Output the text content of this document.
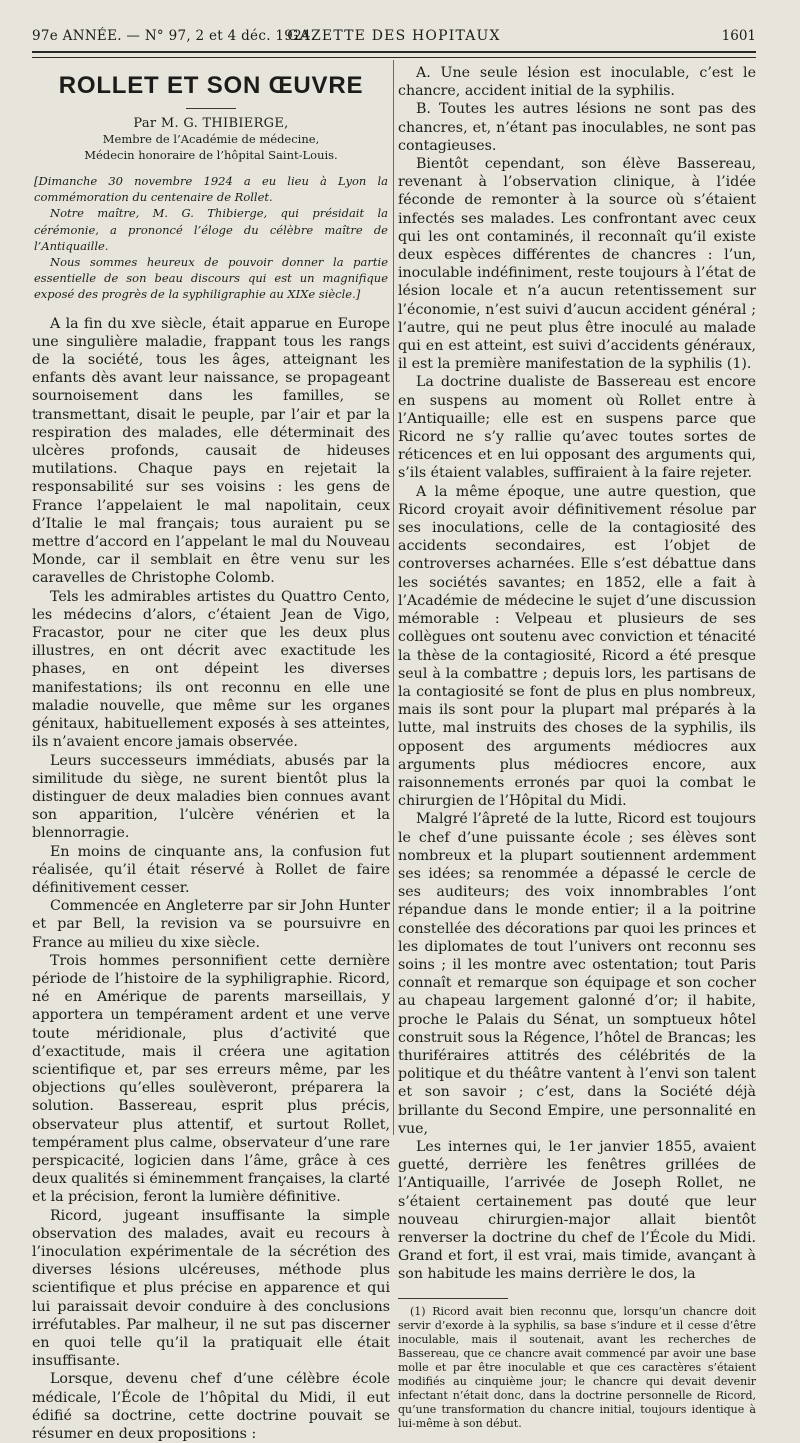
97e ANNÉE. — N° 97, 2 et 4 déc. 1924.
GAZETTE DES HOPITAUX	1601
ROLLET ET SON ŒUVRE
Par M. G. THIBIERGE,
Membre de l’Académie de médecine,
Médecin honoraire de l’hôpital Saint-Louis.

[Dimanche 30 novembre 1924 a eu lieu à Lyon la commémoration du centenaire de Rollet.

Notre maître, M. G. Thibierge, qui présidait la cérémonie, a prononcé l’éloge du célèbre maître de l’Antiquaille.

Nous sommes heureux de pouvoir donner la partie essentielle de son beau discours qui est un magnifique exposé des progrès de la syphiligraphie au XIXe siècle.]

A la fin du xve siècle, était apparue en Europe une singulière maladie, frappant tous les rangs de la société, tous les âges, atteignant les enfants dès avant leur naissance, se propageant sournoisement dans les familles, se transmettant, disait le peuple, par l’air et par la respiration des malades, elle déterminait des ulcères profonds, causait de hideuses mutilations. Chaque pays en rejetait la responsabilité sur ses voisins : les gens de France l’appelaient le mal napolitain, ceux d’Italie le mal français; tous auraient pu se mettre d’accord en l’appelant le mal du Nouveau Monde, car il semblait en être venu sur les caravelles de Christophe Colomb.

Tels les admirables artistes du Quattro Cento, les médecins d’alors, c’étaient Jean de Vigo, Fracastor, pour ne citer que les deux plus illustres, en ont décrit avec exactitude les phases, en ont dépeint les diverses manifestations; ils ont reconnu en elle une maladie nouvelle, que même sur les organes génitaux, habituellement exposés à ses atteintes, ils n’avaient encore jamais observée.

Leurs successeurs immédiats, abusés par la similitude du siège, ne surent bientôt plus la distinguer de deux maladies bien connues avant son apparition, l’ulcère vénérien et la blennorragie.

En moins de cinquante ans, la confusion fut réalisée, qu’il était réservé à Rollet de faire définitivement cesser.

Commencée en Angleterre par sir John Hunter et par Bell, la revision va se poursuivre en France au milieu du xixe siècle.

Trois hommes personnifient cette dernière période de l’histoire de la syphiligraphie. Ricord, né en Amérique de parents marseillais, y apportera un tempérament ardent et une verve toute méridionale, plus d’activité que d’exactitude, mais il créera une agitation scientifique et, par ses erreurs même, par les objections qu’elles soulèveront, préparera la solution. Bassereau, esprit plus précis, observateur plus attentif, et surtout Rollet, tempérament plus calme, observateur d’une rare perspicacité, logicien dans l’âme, grâce à ces deux qualités si éminemment françaises, la clarté et la précision, feront la lumière définitive.

Ricord, jugeant insuffisante la simple observation des malades, avait eu recours à l’inoculation expérimentale de la sécrétion des diverses lésions ulcéreuses, méthode plus scientifique et plus précise en apparence et qui lui paraissait devoir conduire à des conclusions irréfutables. Par malheur, il ne sut pas discerner en quoi telle qu’il la pratiquait elle était insuffisante.

Lorsque, devenu chef d’une célèbre école médicale, l’École de l’hôpital du Midi, il eut édifié sa doctrine, cette doctrine pouvait se résumer en deux propositions :

A. Une seule lésion est inoculable, c’est le chancre, accident initial de la syphilis.

B. Toutes les autres lésions ne sont pas des chancres, et, n’étant pas inoculables, ne sont pas contagieuses.

Bientôt cependant, son élève Bassereau, revenant à l’observation clinique, à l’idée féconde de remonter à la source où s’étaient infectés ses malades. Les confrontant avec ceux qui les ont contaminés, il reconnaît qu’il existe deux espèces différentes de chancres : l’un, inoculable indéfiniment, reste toujours à l’état de lésion locale et n’a aucun retentissement sur l’économie, n’est suivi d’aucun accident général ; l’autre, qui ne peut plus être inoculé au malade qui en est atteint, est suivi d’accidents généraux, il est la première manifestation de la syphilis (1).

La doctrine dualiste de Bassereau est encore en suspens au moment où Rollet entre à l’Antiquaille; elle est en suspens parce que Ricord ne s’y rallie qu’avec toutes sortes de réticences et en lui opposant des arguments qui, s’ils étaient valables, suffiraient à la faire rejeter.

A la même époque, une autre question, que Ricord croyait avoir définitivement résolue par ses inoculations, celle de la contagiosité des accidents secondaires, est l’objet de controverses acharnées. Elle s’est débattue dans les sociétés savantes; en 1852, elle a fait à l’Académie de médecine le sujet d’une discussion mémorable : Velpeau et plusieurs de ses collègues ont soutenu avec conviction et ténacité la thèse de la contagiosité, Ricord a été presque seul à la combattre ; depuis lors, les partisans de la contagiosité se font de plus en plus nombreux, mais ils sont pour la plupart mal préparés à la lutte, mal instruits des choses de la syphilis, ils opposent des arguments médiocres aux arguments plus médiocres encore, aux raisonnements erronés par quoi la combat le chirurgien de l’Hôpital du Midi.

Malgré l’âpreté de la lutte, Ricord est toujours le chef d’une puissante école ; ses élèves sont nombreux et la plupart soutiennent ardemment ses idées; sa renommée a dépassé le cercle de ses auditeurs; des voix innombrables l’ont répandue dans le monde entier; il a la poitrine constellée des décorations par quoi les princes et les diplomates de tout l’univers ont reconnu ses soins ; il les montre avec ostentation; tout Paris connaît et remarque son équipage et son cocher au chapeau largement galonné d’or; il habite, proche le Palais du Sénat, un somptueux hôtel construit sous la Régence, l’hôtel de Brancas; les thuriféraires attitrés des célébrités de la politique et du théâtre vantent à l’envi son talent et son savoir ; c’est, dans la Société déjà brillante du Second Empire, une personnalité en vue,

Les internes qui, le 1er janvier 1855, avaient guetté, derrière les fenêtres grillées de l’Antiquaille, l’arrivée de Joseph Rollet, ne s’étaient certainement pas douté que leur nouveau chirurgien-major allait bientôt renverser la doctrine du chef de l’École du Midi. Grand et fort, il est vrai, mais timide, avançant à son habitude les mains derrière le dos, la

(1) Ricord avait bien reconnu que, lorsqu’un chancre doit servir d’exorde à la syphilis, sa base s’indure et il cesse d’être inoculable, mais il soutenait, avant les recherches de Bassereau, que ce chancre avait commencé par avoir une base molle et par être inoculable et que ces caractères s’étaient modifiés au cinquième jour; le chancre qui devait devenir infectant n’était donc, dans la doctrine personnelle de Ricord, qu’une transformation du chancre initial, toujours identique à lui-même à son début.
